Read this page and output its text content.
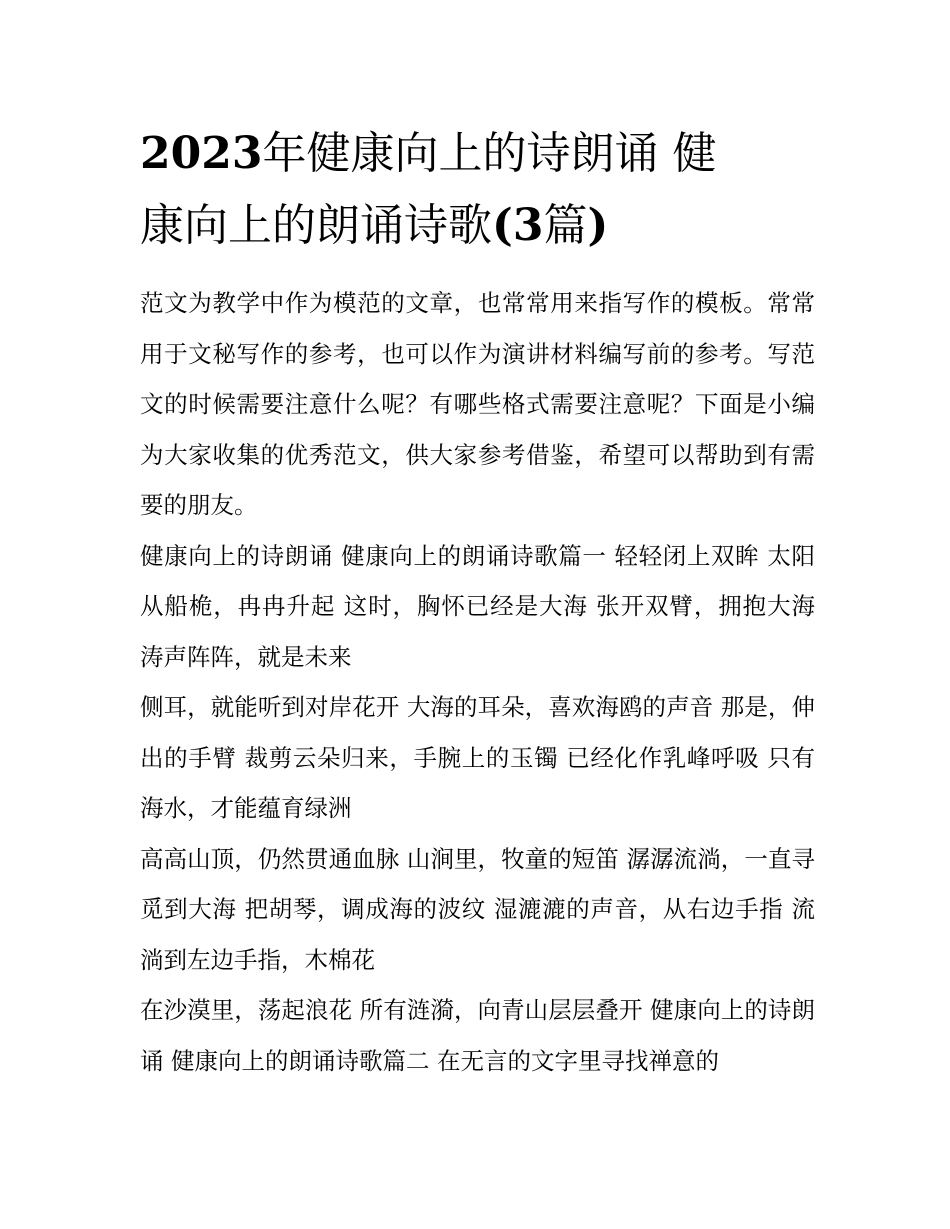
2023年健康向上的诗朗诵 健
康向上的朗诵诗歌(3篇)

范文为教学中作为模范的文章，也常常用来指写作的模板。常常用于文秘写作的参考，也可以作为演讲材料编写前的参考。写范文的时候需要注意什么呢？有哪些格式需要注意呢？下面是小编为大家收集的优秀范文，供大家参考借鉴，希望可以帮助到有需要的朋友。

健康向上的诗朗诵 健康向上的朗诵诗歌篇一 轻轻闭上双眸 太阳从船桅，冉冉升起 这时，胸怀已经是大海 张开双臂，拥抱大海 涛声阵阵，就是未来

侧耳，就能听到对岸花开 大海的耳朵，喜欢海鸥的声音 那是，伸出的手臂 裁剪云朵归来，手腕上的玉镯 已经化作乳峰呼吸 只有海水，才能蕴育绿洲

高高山顶，仍然贯通血脉 山涧里，牧童的短笛 潺潺流淌，一直寻觅到大海 把胡琴，调成海的波纹 湿漉漉的声音，从右边手指 流淌到左边手指，木棉花

在沙漠里，荡起浪花 所有涟漪，向青山层层叠开 健康向上的诗朗诵 健康向上的朗诵诗歌篇二 在无言的文字里寻找禅意的
